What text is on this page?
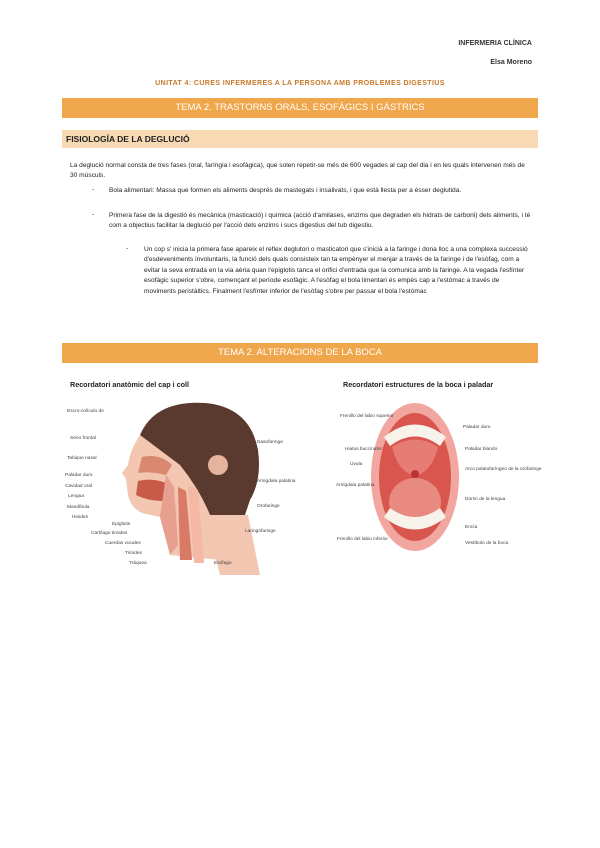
INFERMERIA CLÍNICA
Elsa Moreno
UNITAT 4: CURES INFERMERES A LA PERSONA AMB PROBLEMES DIGESTIUS
TEMA 2. TRASTORNS ORALS, ESOFÀGICS I GÀSTRICS
FISIOLOGÍA DE LA DEGLUCIÓ
La deglució normal consta de tres fases (oral, faríngia i esofàgica), que solen repetir-se més de 600 vegades al cap del dia i en les quals intervenen més de 30 músculs.
- Bola alimentari: Massa que formen els aliments després de mastegats i insalivats, i que està llesta per a ésser deglutida.
- Primera fase de la digestió és mecànica (masticació) i química (acció d'amilases, enzims que degraden els hidrats de carboni) dels aliments, i té com a objectius facilitar la deglució per l'acció dels enzims i sucs digestius del tub digestiu.
- Un cop s' inicia la primera fase apareix el reflex deglutori o masticatori que s'inicià a la faringe i dona lloc a una complexa successió d'esdeveniments involuntaris, la funció dels quals consisteix tan ta empènyer el menjar a través de la faringe i de l'esòfag, com a evitar la seva entrada en la via aèria quan l'epiglotis tanca el orifici d'entrada que la comunica amb la faringe. A la vegada l'esfínter esofàgic superior s'obre, començant el període esofàgic. A l'esòfag el bola limentari és empès cap a l'estómac a través de moviments peristàltics. Finalment l'esfínter inferior de l'esòfag s'obre per passar el bola l'estómac
TEMA 2. ALTERACIONS DE LA BOCA
Recordatori anatòmic del cap i coll	Recordatori estructures de la boca i paladar
Escro-colículo de
Seno frontal
Tabique nasal
Paladar duro
Cavidad oral
Lengua
Mandíbula
Hioides
Nasofaringe
Amígdala palatina
Orofaringe
Laringofaringe
Epiglotis
Cartílago tiroides
Cuerdas vocales
Tiroides
Tráquea	Esófago
Frenillo del labio superior
Hiatus buccinator
Úvula
Amígdala palatina
Frenillo del labio inferior
Paladar duro
Paladar blando
Arco palatofaríngeo de la orofaringe
Dorso de la lengua
Encía
Vestíbulo de la boca
